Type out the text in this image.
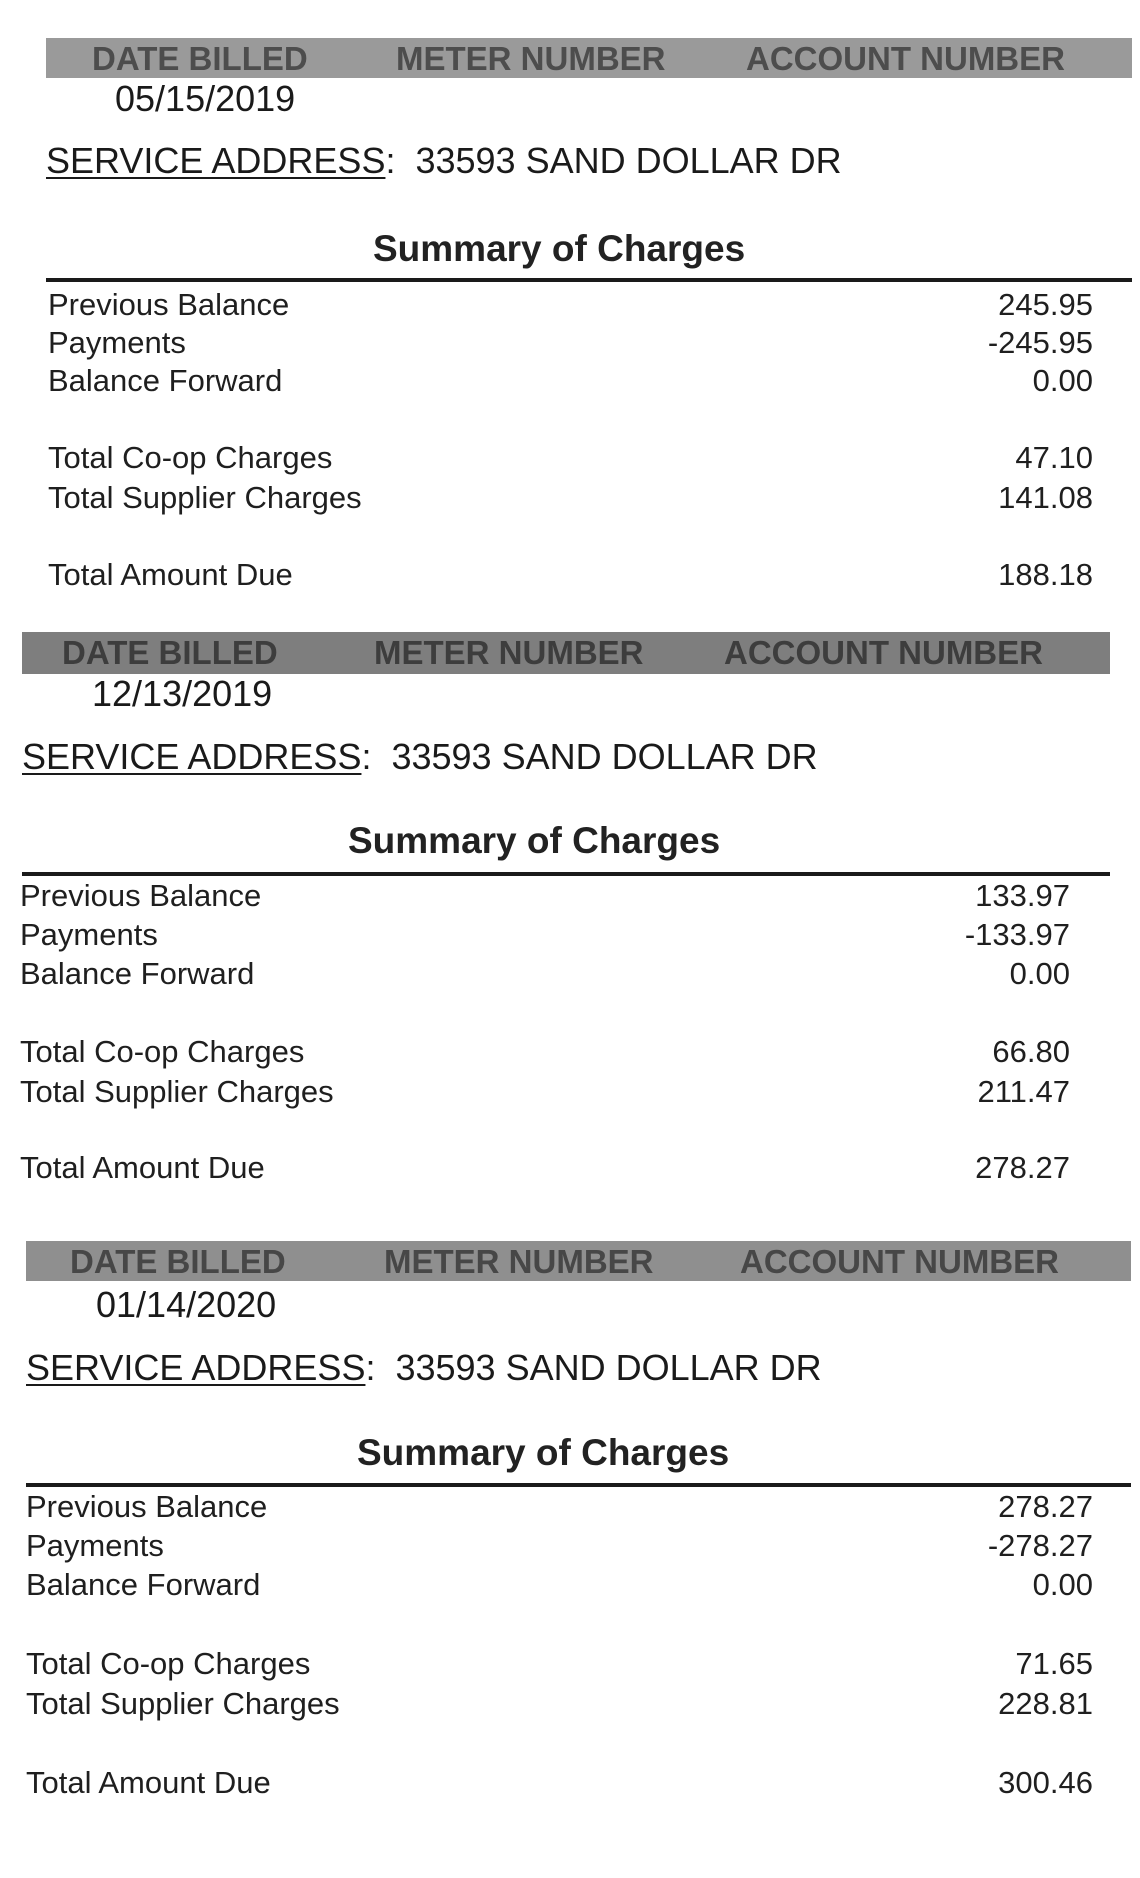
DATE BILLED	METER NUMBER ACCOUNT NUMBER
05/15/2019
SERVICE ADDRESS:  33593 SAND DOLLAR DR
Summary of Charges
Previous Balance	245.95
Payments	-245.95
Balance Forward	0.00
Total Co-op Charges	47.10
Total Supplier Charges	141.08
Total Amount Due	188.18
DATE BILLED	METER NUMBER ACCOUNT NUMBER
12/13/2019
SERVICE ADDRESS:  33593 SAND DOLLAR DR
Summary of Charges
Previous Balance	133.97
Payments	-133.97
Balance Forward	0.00
Total Co-op Charges	66.80
Total Supplier Charges	211.47
Total Amount Due	278.27
DATE BILLED	METER NUMBER	ACCOUNT NUMBER
01/14/2020
SERVICE ADDRESS:  33593 SAND DOLLAR DR
Summary of Charges
Previous Balance	278.27
Payments	-278.27
Balance Forward	0.00
Total Co-op Charges	71.65
Total Supplier Charges	228.81
Total Amount Due	300.46
